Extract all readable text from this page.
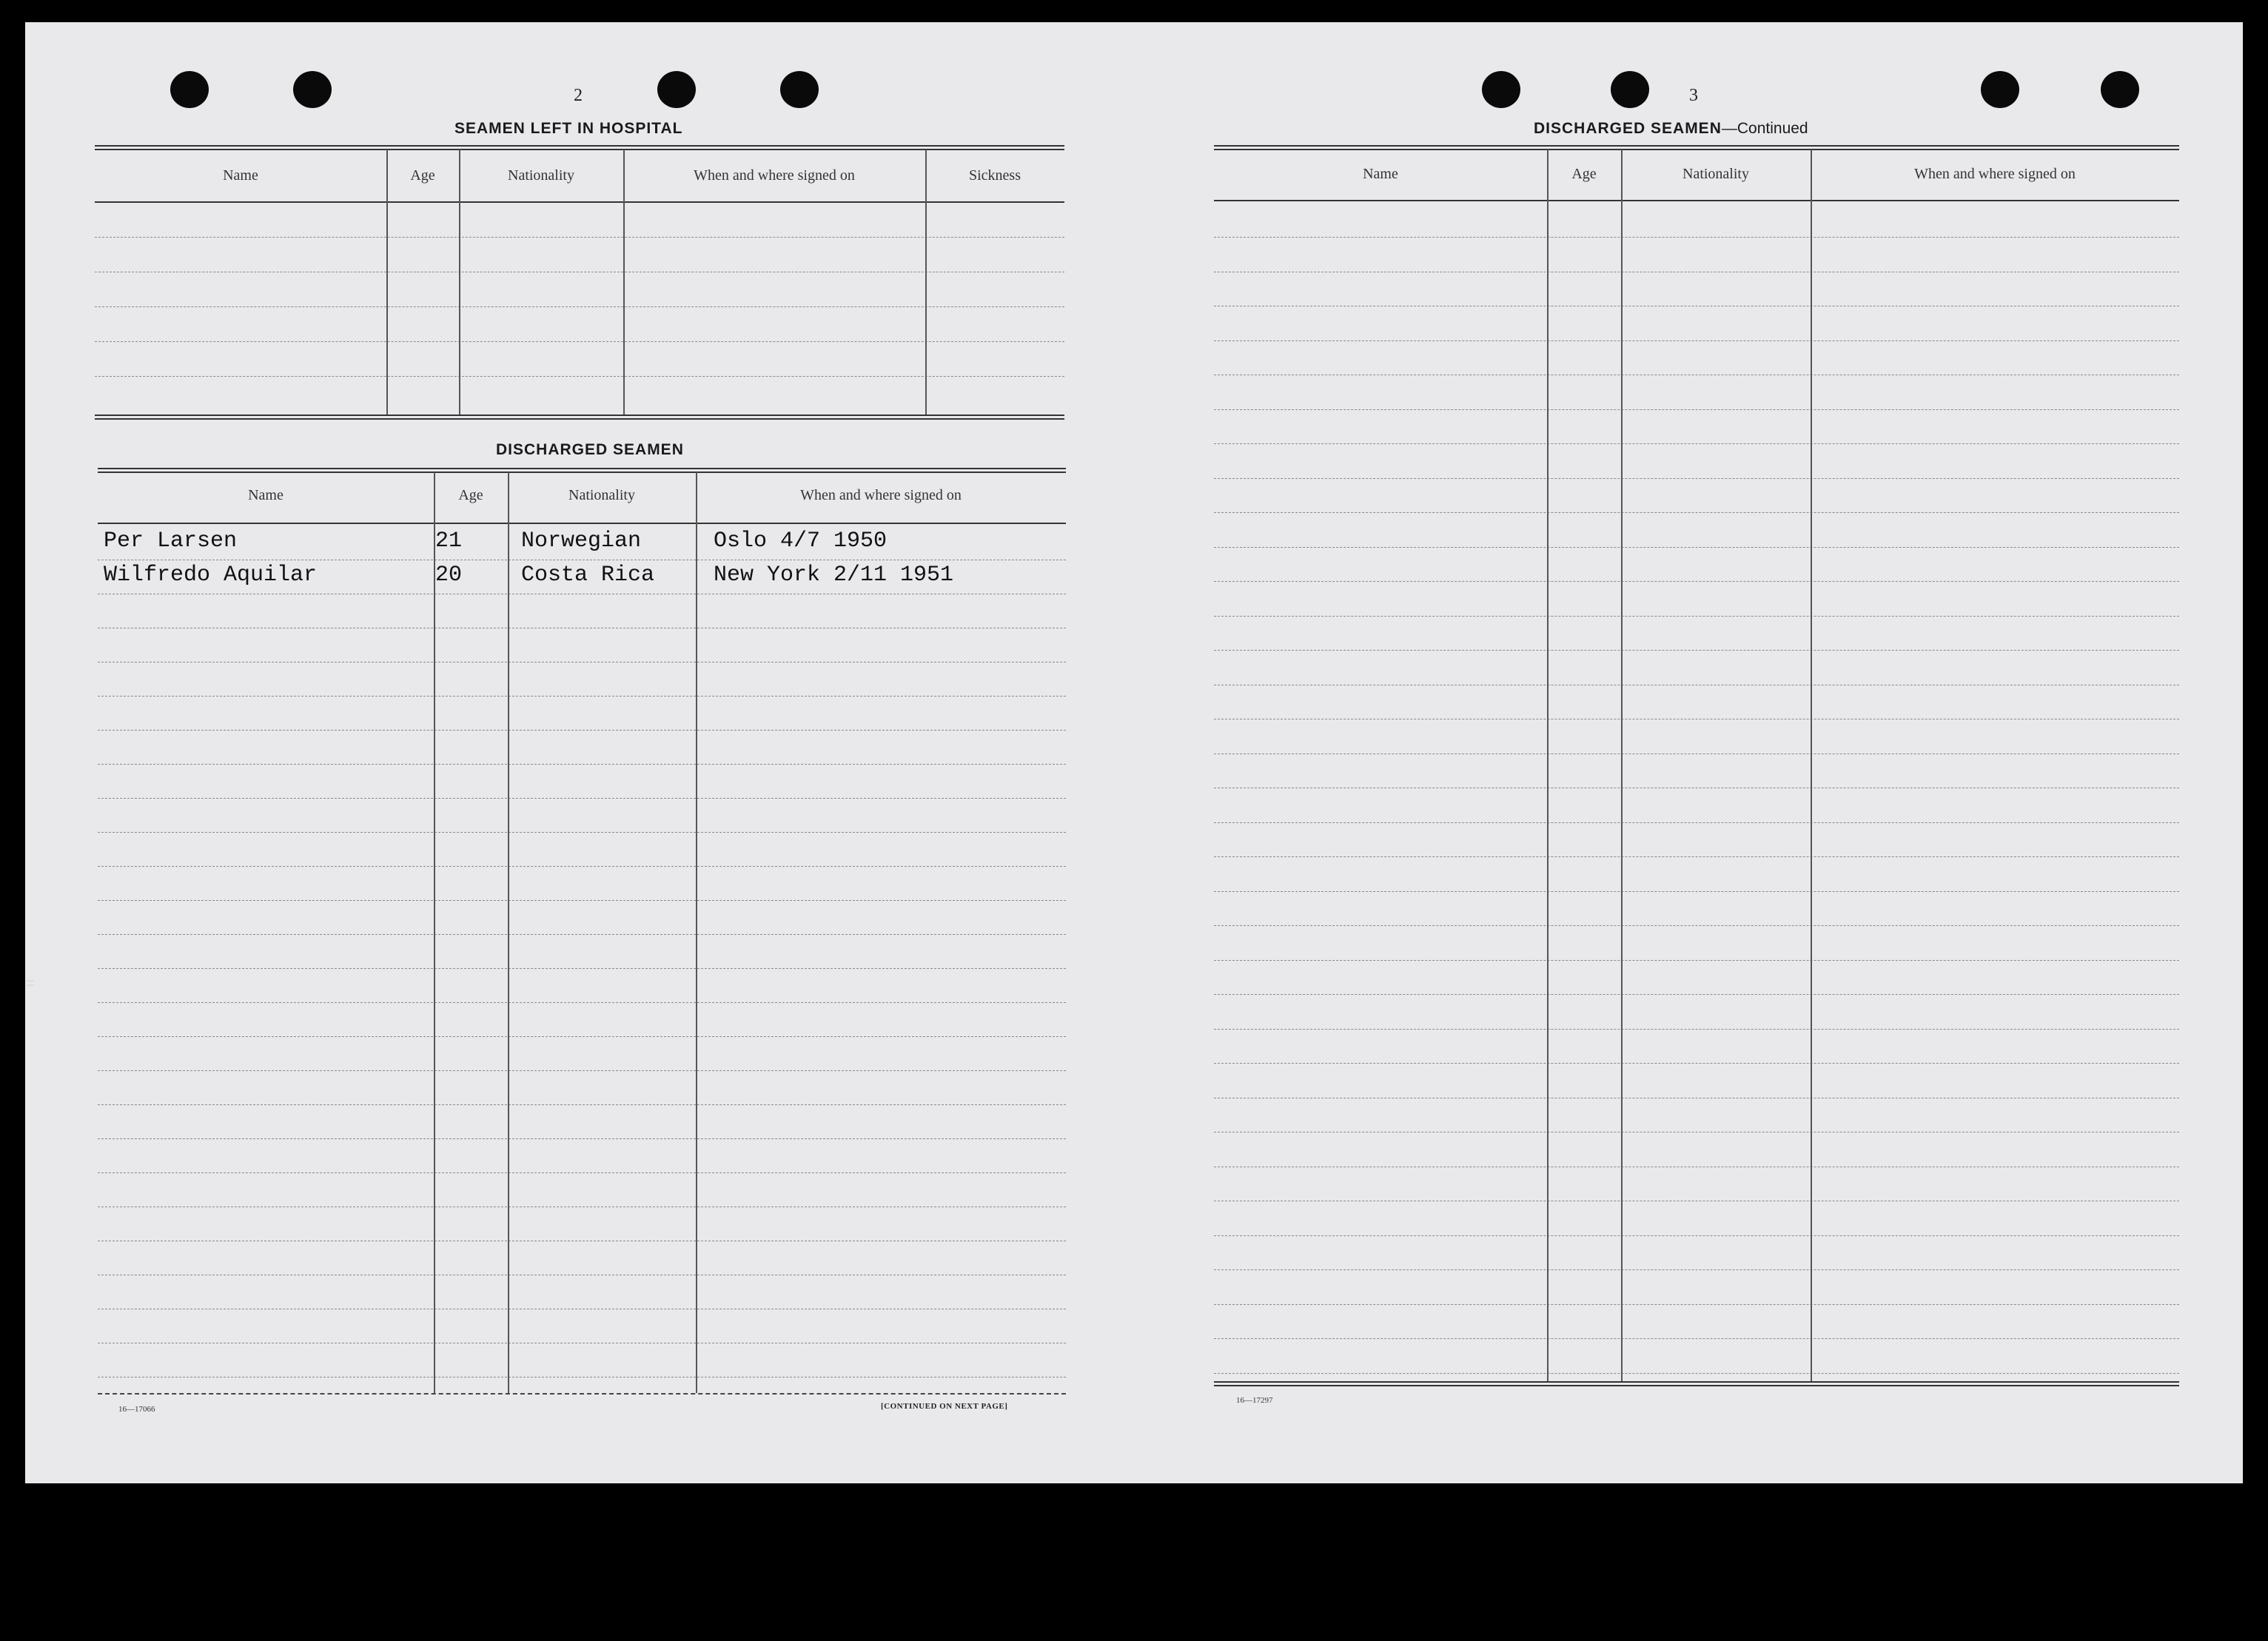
2
SEAMEN LEFT IN HOSPITAL
Name	Age	Nationality	When and where signed on	Sickness
DISCHARGED SEAMEN
Name	Age	Nationality	When and where signed on
Per Larsen	21	Norwegian	Oslo 4/7 1950
Wilfredo Aquilar	20	Costa Rica	New York 2/11 1951
16—17066	[CONTINUED ON NEXT PAGE]
3
DISCHARGED SEAMEN—Continued
Name	Age	Nationality	When and where signed on
16—17297
